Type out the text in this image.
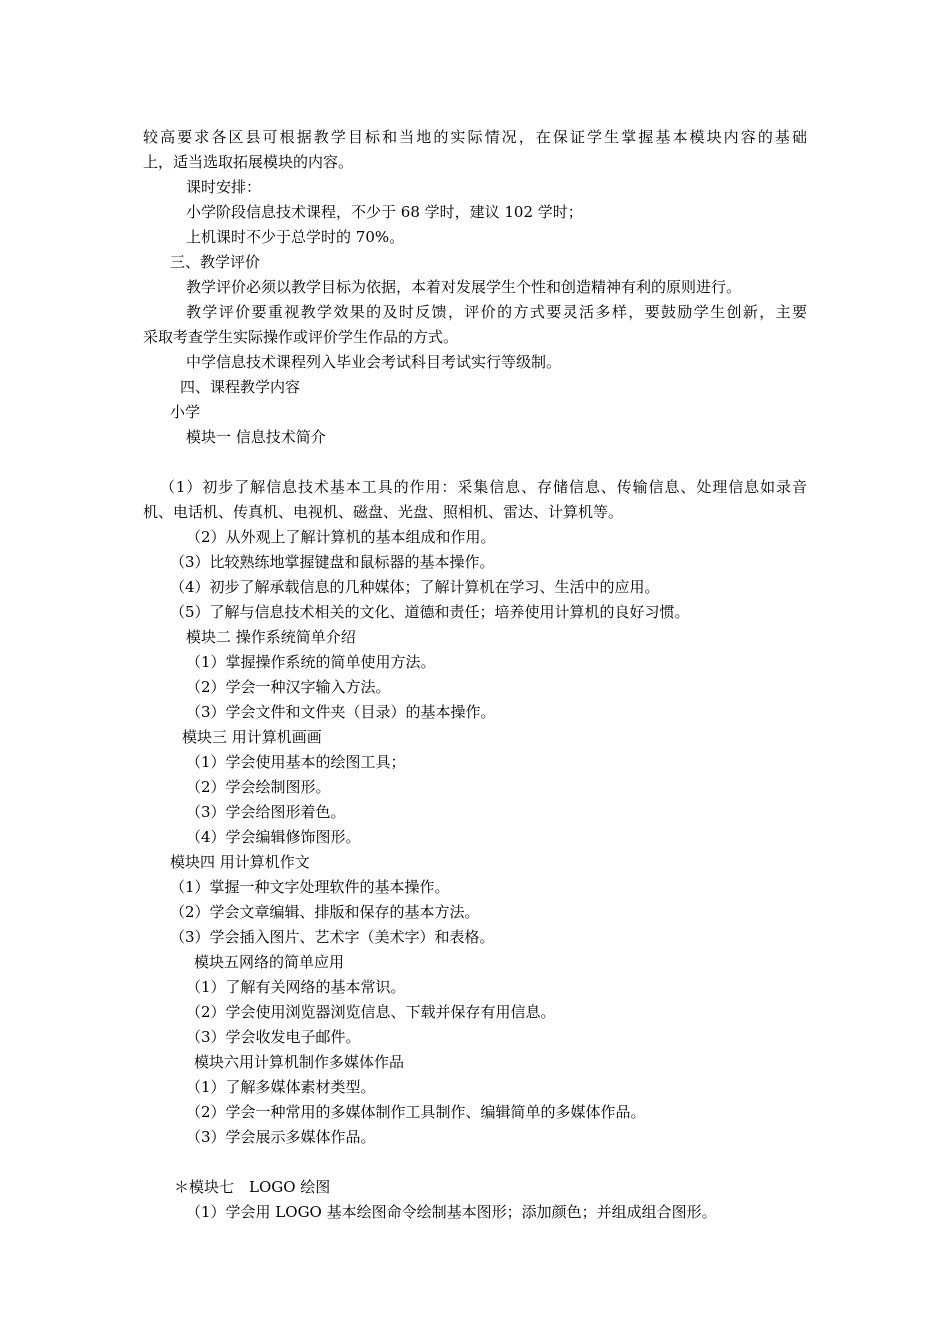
较高要求各区县可根据教学目标和当地的实际情况，在保证学生掌握基本模块内容的基础
上，适当选取拓展模块的内容。
课时安排：
小学阶段信息技术课程，不少于 68 学时，建议 102 学时；
上机课时不少于总学时的 70%。
三、教学评价
教学评价必须以教学目标为依据，本着对发展学生个性和创造精神有利的原则进行。
教学评价要重视教学效果的及时反馈，评价的方式要灵活多样，要鼓励学生创新，主要
采取考查学生实际操作或评价学生作品的方式。
中学信息技术课程列入毕业会考试科目考试实行等级制。
四、课程教学内容
小学
模块一 信息技术简介
（1）初步了解信息技术基本工具的作用：采集信息、存储信息、传输信息、处理信息如录音
机、电话机、传真机、电视机、磁盘、光盘、照相机、雷达、计算机等。
（2）从外观上了解计算机的基本组成和作用。
（3）比较熟练地掌握键盘和鼠标器的基本操作。
（4）初步了解承载信息的几种媒体；了解计算机在学习、生活中的应用。
（5）了解与信息技术相关的文化、道德和责任；培养使用计算机的良好习惯。
模块二 操作系统简单介绍
（1）掌握操作系统的简单使用方法。
（2）学会一种汉字输入方法。
（3）学会文件和文件夹（目录）的基本操作。
模块三 用计算机画画
（1）学会使用基本的绘图工具；
（2）学会绘制图形。
（3）学会给图形着色。
（4）学会编辑修饰图形。
模块四 用计算机作文
（1）掌握一种文字处理软件的基本操作。
（2）学会文章编辑、排版和保存的基本方法。
（3）学会插入图片、艺术字（美术字）和表格。
模块五网络的简单应用
（1）了解有关网络的基本常识。
（2）学会使用浏览器浏览信息、下载并保存有用信息。
（3）学会收发电子邮件。
模块六用计算机制作多媒体作品
（1）了解多媒体素材类型。
（2）学会一种常用的多媒体制作工具制作、编辑简单的多媒体作品。
（3）学会展示多媒体作品。
＊模块七　LOGO 绘图
（1）学会用 LOGO 基本绘图命令绘制基本图形；添加颜色；并组成组合图形。
